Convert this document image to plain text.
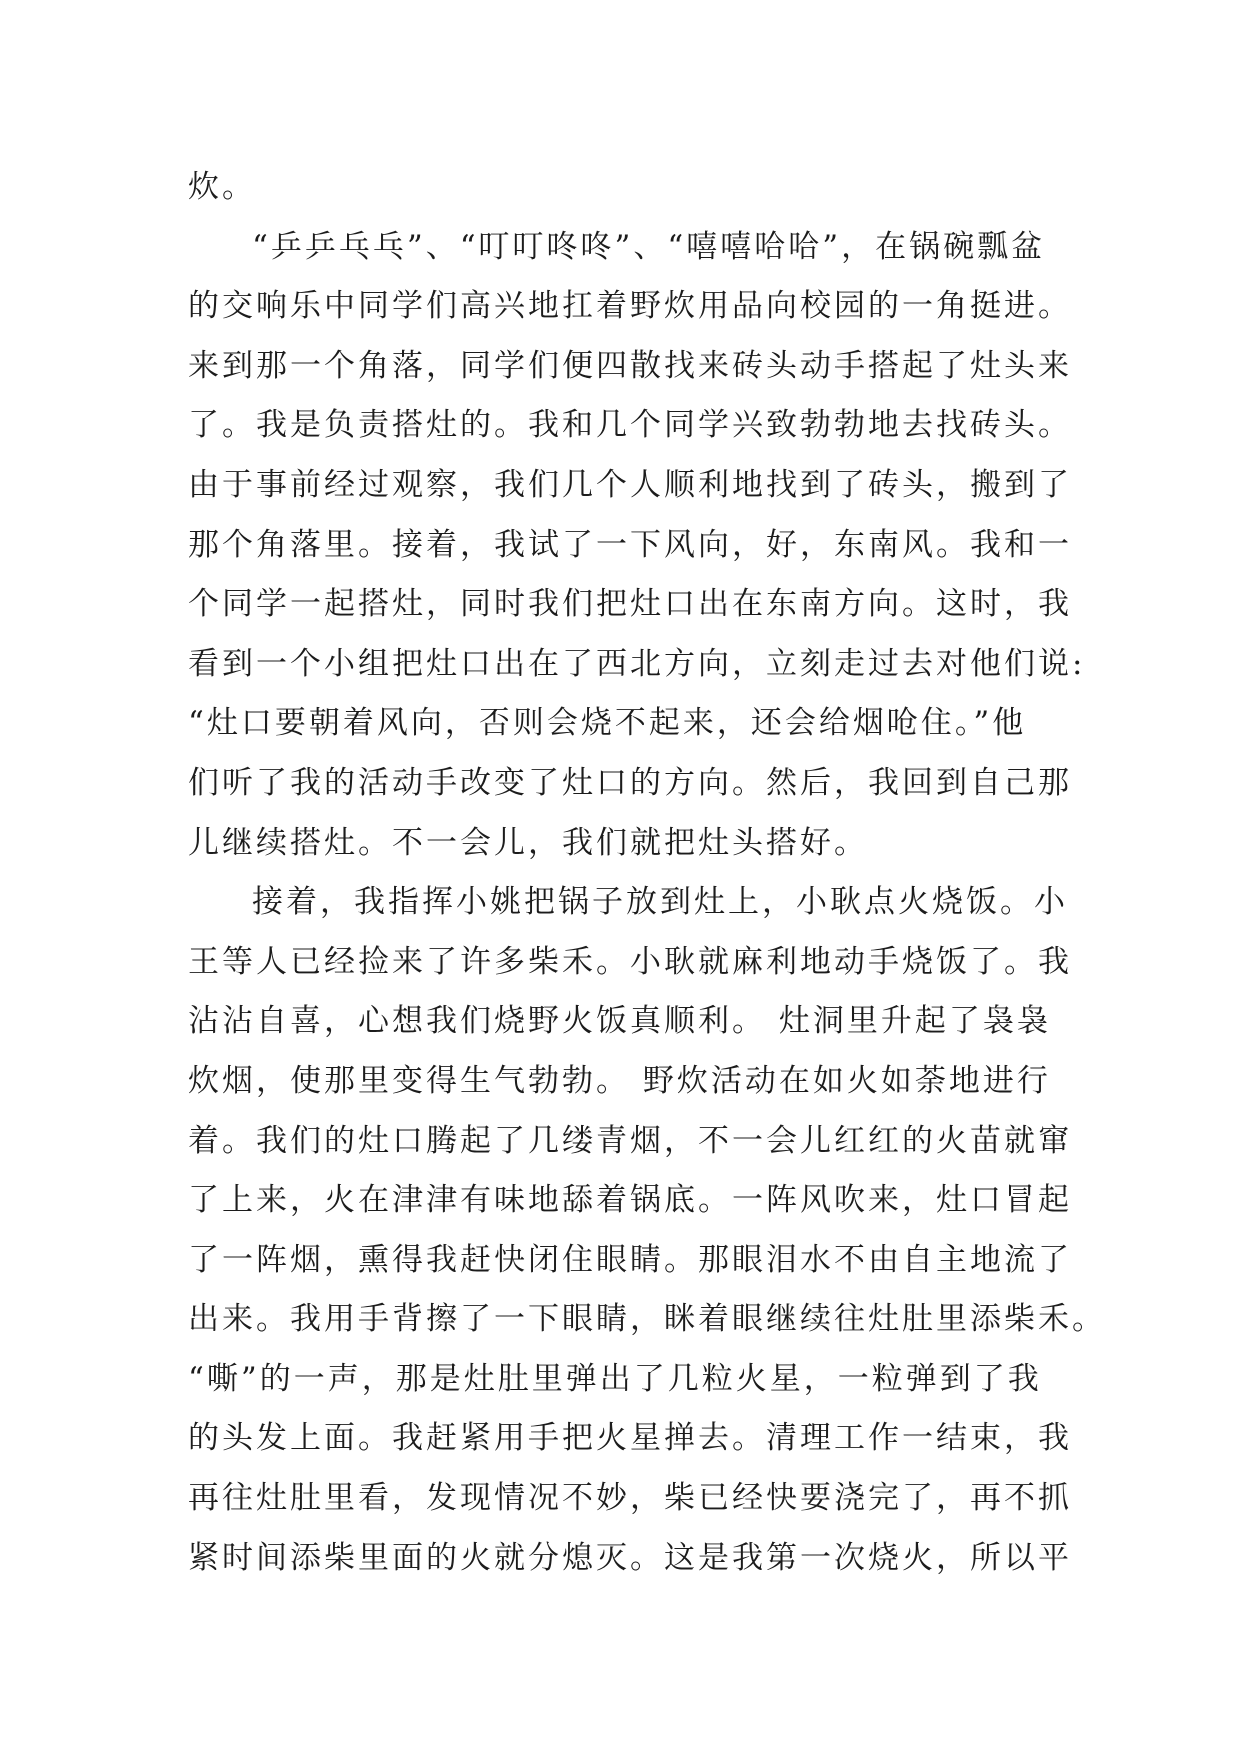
炊。
“乒乒乓乓”、“叮叮咚咚”、“嘻嘻哈哈”，在锅碗瓢盆
的交响乐中同学们高兴地扛着野炊用品向校园的一角挺进。
来到那一个角落，同学们便四散找来砖头动手搭起了灶头来
了。我是负责搭灶的。我和几个同学兴致勃勃地去找砖头。
由于事前经过观察，我们几个人顺利地找到了砖头，搬到了
那个角落里。接着，我试了一下风向，好，东南风。我和一
个同学一起搭灶，同时我们把灶口出在东南方向。这时，我
看到一个小组把灶口出在了西北方向，立刻走过去对他们说:
“灶口要朝着风向，否则会烧不起来，还会给烟呛住。”他
们听了我的活动手改变了灶口的方向。然后，我回到自己那
儿继续搭灶。不一会儿，我们就把灶头搭好。
接着，我指挥小姚把锅子放到灶上，小耿点火烧饭。小
王等人已经捡来了许多柴禾。小耿就麻利地动手烧饭了。我
沾沾自喜，心想我们烧野火饭真顺利。 灶洞里升起了袅袅
炊烟，使那里变得生气勃勃。 野炊活动在如火如荼地进行
着。我们的灶口腾起了几缕青烟，不一会儿红红的火苗就窜
了上来，火在津津有味地舔着锅底。一阵风吹来，灶口冒起
了一阵烟，熏得我赶快闭住眼睛。那眼泪水不由自主地流了
出来。我用手背擦了一下眼睛，眯着眼继续往灶肚里添柴禾。
“嘶”的一声，那是灶肚里弹出了几粒火星，一粒弹到了我
的头发上面。我赶紧用手把火星掸去。清理工作一结束，我
再往灶肚里看，发现情况不妙，柴已经快要浇完了，再不抓
紧时间添柴里面的火就分熄灭。这是我第一次烧火，所以平
